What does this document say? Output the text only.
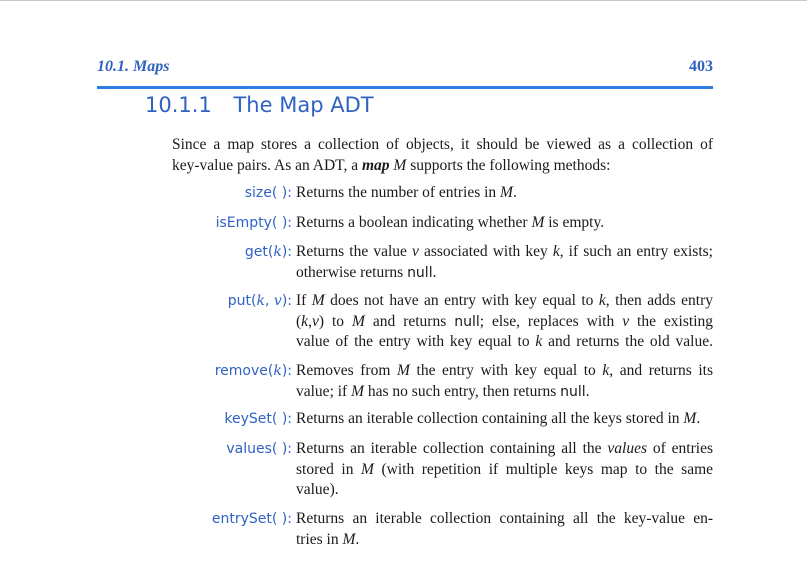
10.1. Maps	403
10.1.1 The Map ADT
Since a map stores a collection of objects, it should be viewed as a collection of
key-value pairs. As an ADT, a map M supports the following methods:
size( ): Returns the number of entries in M.
isEmpty( ): Returns a boolean indicating whether M is empty.
get(k): Returns the value v associated with key k, if such an entry exists;
otherwise returns null.
put(k, v): If M does not have an entry with key equal to k, then adds entry
(k,v) to M and returns null; else, replaces with v the existing
value of the entry with key equal to k and returns the old value.
remove(k): Removes from M the entry with key equal to k, and returns its
value; if M has no such entry, then returns null.
keySet( ): Returns an iterable collection containing all the keys stored in M.
values( ): Returns an iterable collection containing all the values of entries
stored in M (with repetition if multiple keys map to the same
value).
entrySet( ): Returns an iterable collection containing all the key-value en-
tries in M.
